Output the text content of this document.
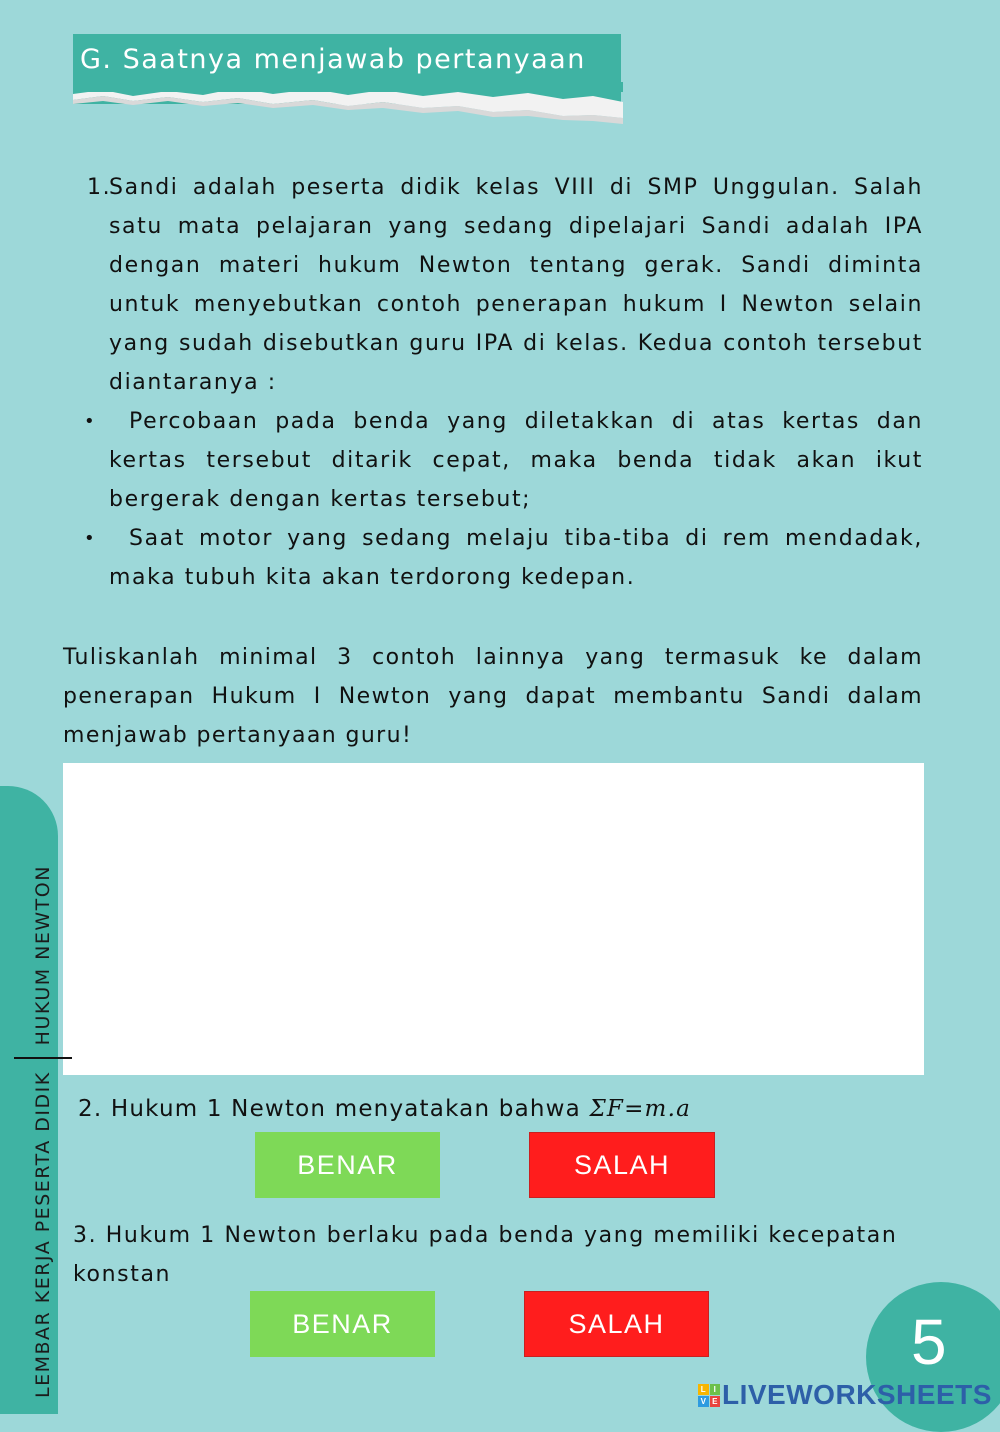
G. Saatnya menjawab pertanyaan
1.
Sandi adalah peserta didik kelas VIII di SMP Unggulan. Salah satu mata pelajaran yang sedang dipelajari Sandi adalah IPA dengan materi hukum Newton tentang gerak. Sandi diminta untuk menyebutkan contoh penerapan hukum I Newton selain yang sudah disebutkan guru IPA di kelas. Kedua contoh tersebut diantaranya :
• Percobaan pada benda yang diletakkan di atas kertas dan kertas tersebut ditarik cepat, maka benda tidak akan ikut bergerak dengan kertas tersebut;
• Saat motor yang sedang melaju tiba-tiba di rem mendadak, maka tubuh kita akan terdorong kedepan.
Tuliskanlah minimal 3 contoh lainnya yang termasuk ke dalam penerapan Hukum I Newton yang dapat membantu Sandi dalam menjawab pertanyaan guru!
LEMBAR KERJA PESERTA DIDIK
HUKUM NEWTON
2. Hukum 1 Newton menyatakan bahwa ΣF=m.a
BENAR	SALAH
3. Hukum 1 Newton berlaku pada benda yang memiliki kecepatan konstan
BENAR	SALAH	5
L I
V E LIVEWORKSHEETS
